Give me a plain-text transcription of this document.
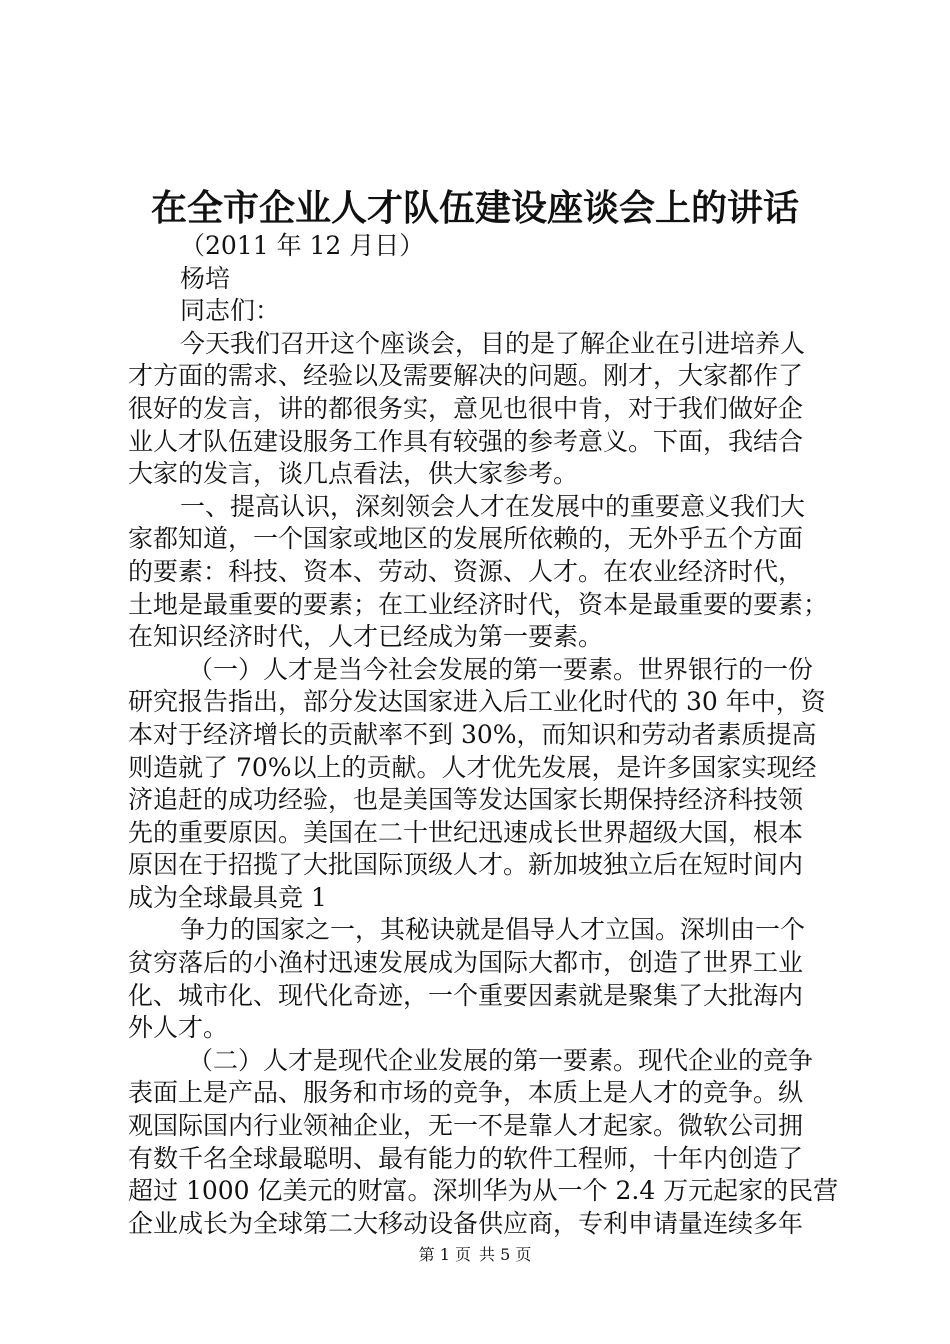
在全市企业人才队伍建设座谈会上的讲话
（2011 年 12 月日）
杨培
同志们：
今天我们召开这个座谈会，目的是了解企业在引进培养人
才方面的需求、经验以及需要解决的问题。刚才，大家都作了
很好的发言，讲的都很务实，意见也很中肯，对于我们做好企
业人才队伍建设服务工作具有较强的参考意义。下面，我结合
大家的发言，谈几点看法，供大家参考。
一、提高认识，深刻领会人才在发展中的重要意义我们大
家都知道，一个国家或地区的发展所依赖的，无外乎五个方面
的要素：科技、资本、劳动、资源、人才。在农业经济时代，
土地是最重要的要素；在工业经济时代，资本是最重要的要素；
在知识经济时代，人才已经成为第一要素。
（一）人才是当今社会发展的第一要素。世界银行的一份
研究报告指出，部分发达国家进入后工业化时代的 30 年中，资
本对于经济增长的贡献率不到 30%，而知识和劳动者素质提高
则造就了 70%以上的贡献。人才优先发展，是许多国家实现经
济追赶的成功经验，也是美国等发达国家长期保持经济科技领
先的重要原因。美国在二十世纪迅速成长世界超级大国，根本
原因在于招揽了大批国际顶级人才。新加坡独立后在短时间内
成为全球最具竞 1
争力的国家之一，其秘诀就是倡导人才立国。深圳由一个
贫穷落后的小渔村迅速发展成为国际大都市，创造了世界工业
化、城市化、现代化奇迹，一个重要因素就是聚集了大批海内
外人才。
（二）人才是现代企业发展的第一要素。现代企业的竞争
表面上是产品、服务和市场的竞争，本质上是人才的竞争。纵
观国际国内行业领袖企业，无一不是靠人才起家。微软公司拥
有数千名全球最聪明、最有能力的软件工程师，十年内创造了
超过 1000 亿美元的财富。深圳华为从一个 2.4 万元起家的民营
企业成长为全球第二大移动设备供应商，专利申请量连续多年
第 1 页 共 5 页
